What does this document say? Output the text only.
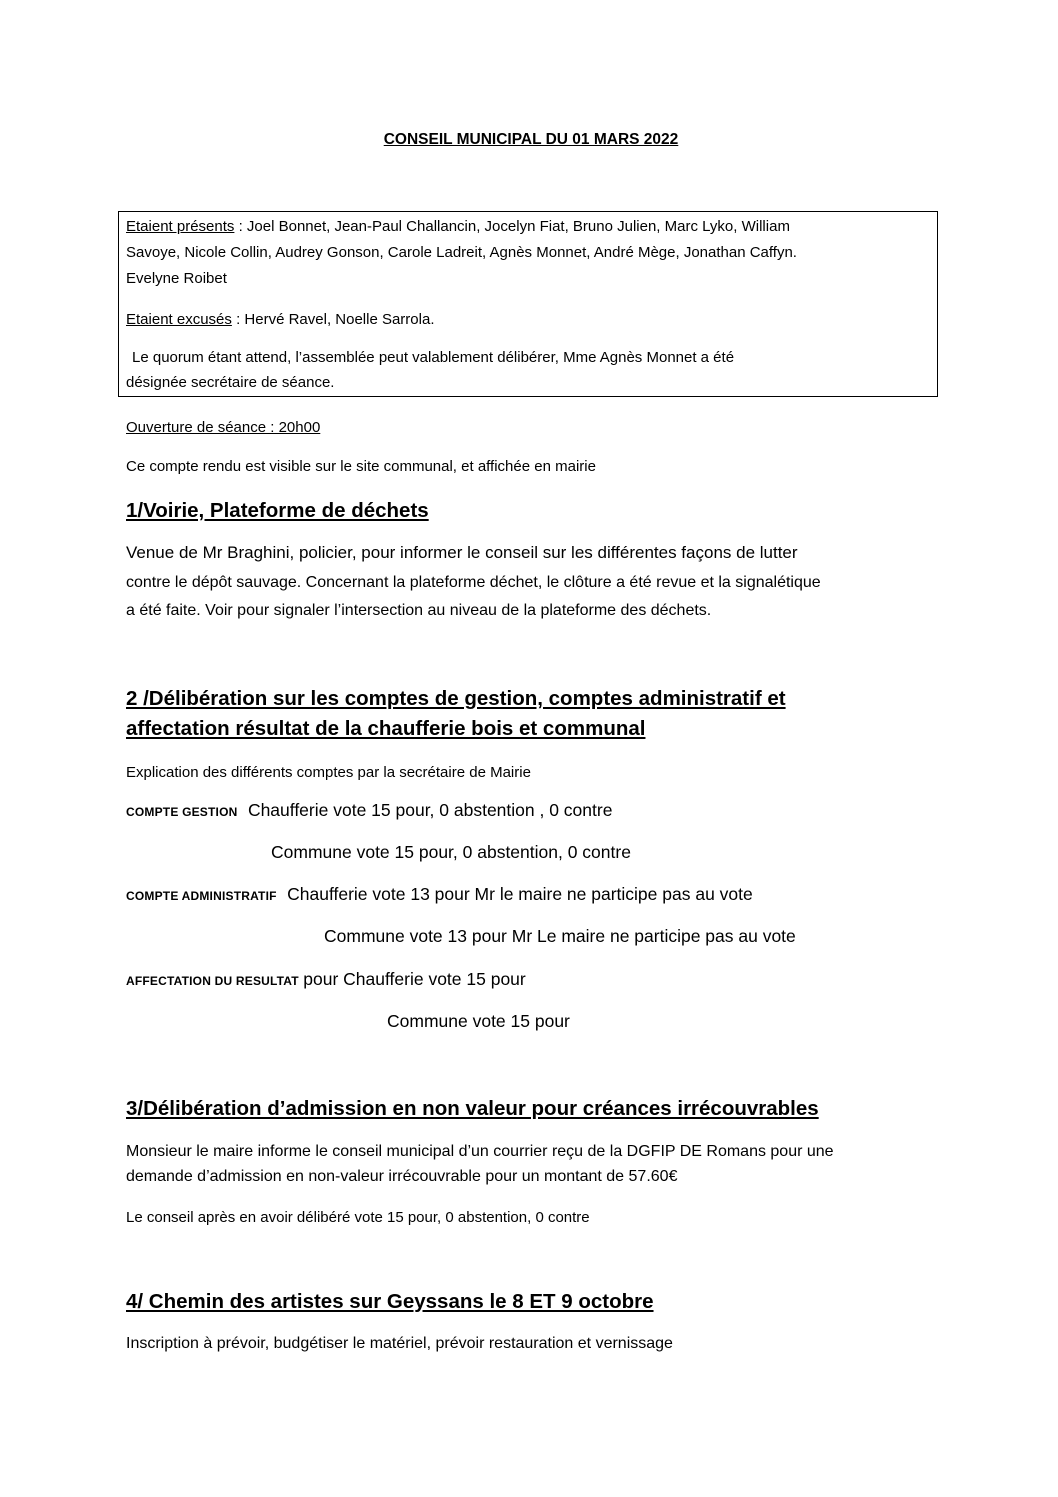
CONSEIL MUNICIPAL DU 01 MARS 2022
Etaient présents : Joel Bonnet, Jean-Paul Challancin, Jocelyn Fiat, Bruno Julien, Marc Lyko, William
Savoye, Nicole Collin, Audrey Gonson, Carole Ladreit, Agnès Monnet, André Mège, Jonathan Caffyn.
Evelyne Roibet
Etaient excusés : Hervé Ravel, Noelle Sarrola.
Le quorum étant attend, l’assemblée peut valablement délibérer, Mme Agnès Monnet a été
désignée secrétaire de séance.
Ouverture de séance : 20h00
Ce compte rendu est visible sur le site communal, et affichée en mairie
1/Voirie, Plateforme de déchets
Venue de Mr Braghini, policier, pour informer le conseil sur les différentes façons de lutter
contre le dépôt sauvage. Concernant la plateforme déchet, le clôture a été revue et la signalétique
a été faite. Voir pour signaler l’intersection au niveau de la plateforme des déchets.
2 /Délibération sur les comptes de gestion, comptes administratif et
affectation résultat de la chaufferie bois et communal
Explication des différents comptes par la secrétaire de Mairie
COMPTE GESTION Chaufferie vote 15 pour, 0 abstention , 0 contre
Commune vote 15 pour, 0 abstention, 0 contre
COMPTE ADMINISTRATIF Chaufferie vote 13 pour Mr le maire ne participe pas au vote
Commune vote 13 pour Mr Le maire ne participe pas au vote
AFFECTATION DU RESULTAT pour Chaufferie vote 15 pour
Commune vote 15 pour
3/Délibération d’admission en non valeur pour créances irrécouvrables
Monsieur le maire informe le conseil municipal d’un courrier reçu de la DGFIP DE Romans pour une
demande d’admission en non-valeur irrécouvrable pour un montant de 57.60€
Le conseil après en avoir délibéré vote 15 pour, 0 abstention, 0 contre
4/ Chemin des artistes sur Geyssans le 8 ET 9 octobre
Inscription à prévoir, budgétiser le matériel, prévoir restauration et vernissage
